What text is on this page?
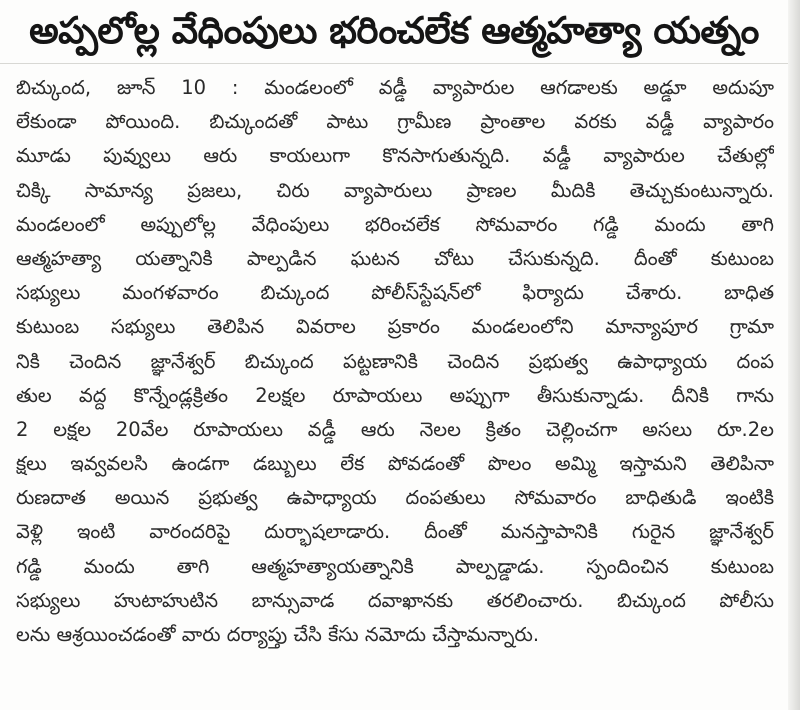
అప్పలోల్ల వేధింపులు భరించలేక ఆత్మహత్యా యత్నం
బిచ్కుంద, జూన్ 10 : మండలంలో వడ్డీ వ్యాపారుల ఆగడాలకు అడ్డూ అదుపూ
లేకుండా పోయింది. బిచ్కుందతో పాటు గ్రామీణ ప్రాంతాల వరకు వడ్డీ వ్యాపారం
మూడు పువ్వులు ఆరు కాయలుగా కొనసాగుతున్నది. వడ్డీ వ్యాపారుల చేతుల్లో
చిక్కి సామాన్య ప్రజలు, చిరు వ్యాపారులు ప్రాణల మీదికి తెచ్చుకుంటున్నారు.
మండలంలో అప్పులోల్ల వేధింపులు భరించలేక సోమవారం గడ్డి మందు తాగి
ఆత్మహత్యా యత్నానికి పాల్పడిన ఘటన చోటు చేసుకున్నది. దీంతో కుటుంబ
సభ్యులు మంగళవారం బిచ్కుంద పోలీస్‌స్టేషన్‌లో ఫిర్యాదు చేశారు. బాధిత
కుటుంబ సభ్యులు తెలిపిన వివరాల ప్రకారం మండలంలోని మాన్యాపూర గ్రామా
నికి చెందిన జ్ఞానేశ్వర్ బిచ్కుంద పట్టణానికి చెందిన ప్రభుత్వ ఉపాధ్యాయ దంప
తుల వద్ద కొన్నేండ్లక్రితం 2లక్షల రూపాయలు అప్పుగా తీసుకున్నాడు. దీనికి గాను
2 లక్షల 20వేల రూపాయలు వడ్డీ ఆరు నెలల క్రితం చెల్లించగా అసలు రూ.2ల
క్షలు ఇవ్వవలసి ఉండగా డబ్బులు లేక పోవడంతో పొలం అమ్మి ఇస్తామని తెలిపినా
రుణదాత అయిన ప్రభుత్వ ఉపాధ్యాయ దంపతులు సోమవారం బాధితుడి ఇంటికి
వెళ్లి ఇంటి వారందరిపై దుర్భాషలాడారు. దీంతో మనస్తాపానికి గురైన జ్ఞానేశ్వర్
గడ్డి మందు తాగి ఆత్మహత్యాయత్నానికి పాల్పడ్డాడు. స్పందించిన కుటుంబ
సభ్యులు హుటాహుటిన బాన్సువాడ దవాఖానకు తరలించారు. బిచ్కుంద పోలీసు
లను ఆశ్రయించడంతో వారు దర్యాప్తు చేసి కేసు నమోదు చేస్తామన్నారు.
